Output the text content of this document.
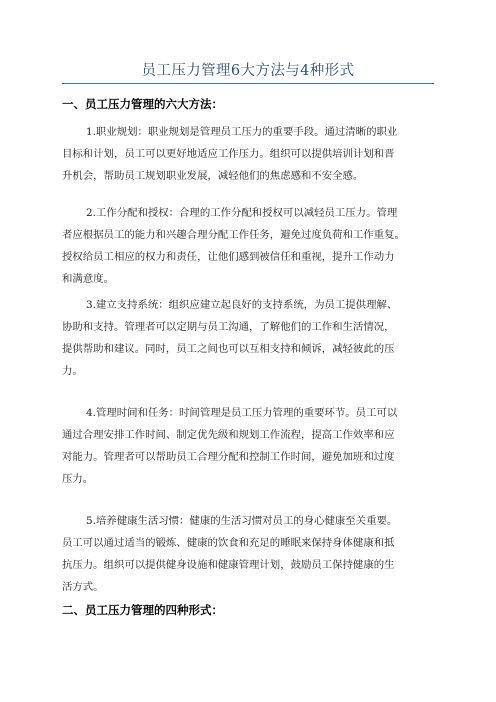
员工压力管理6大方法与4种形式
一、员工压力管理的六大方法：
1.职业规划：职业规划是管理员工压力的重要手段。通过清晰的职业
目标和计划，员工可以更好地适应工作压力。组织可以提供培训计划和晋
升机会，帮助员工规划职业发展，减轻他们的焦虑感和不安全感。
2.工作分配和授权：合理的工作分配和授权可以减轻员工压力。管理
者应根据员工的能力和兴趣合理分配工作任务，避免过度负荷和工作重复。
授权给员工相应的权力和责任，让他们感到被信任和重视，提升工作动力
和满意度。
3.建立支持系统：组织应建立起良好的支持系统，为员工提供理解、
协助和支持。管理者可以定期与员工沟通，了解他们的工作和生活情况，
提供帮助和建议。同时，员工之间也可以互相支持和倾诉，减轻彼此的压
力。
4.管理时间和任务：时间管理是员工压力管理的重要环节。员工可以
通过合理安排工作时间、制定优先级和规划工作流程，提高工作效率和应
对能力。管理者可以帮助员工合理分配和控制工作时间，避免加班和过度
压力。
5.培养健康生活习惯：健康的生活习惯对员工的身心健康至关重要。
员工可以通过适当的锻炼、健康的饮食和充足的睡眠来保持身体健康和抵
抗压力。组织可以提供健身设施和健康管理计划，鼓励员工保持健康的生
活方式。
二、员工压力管理的四种形式：
